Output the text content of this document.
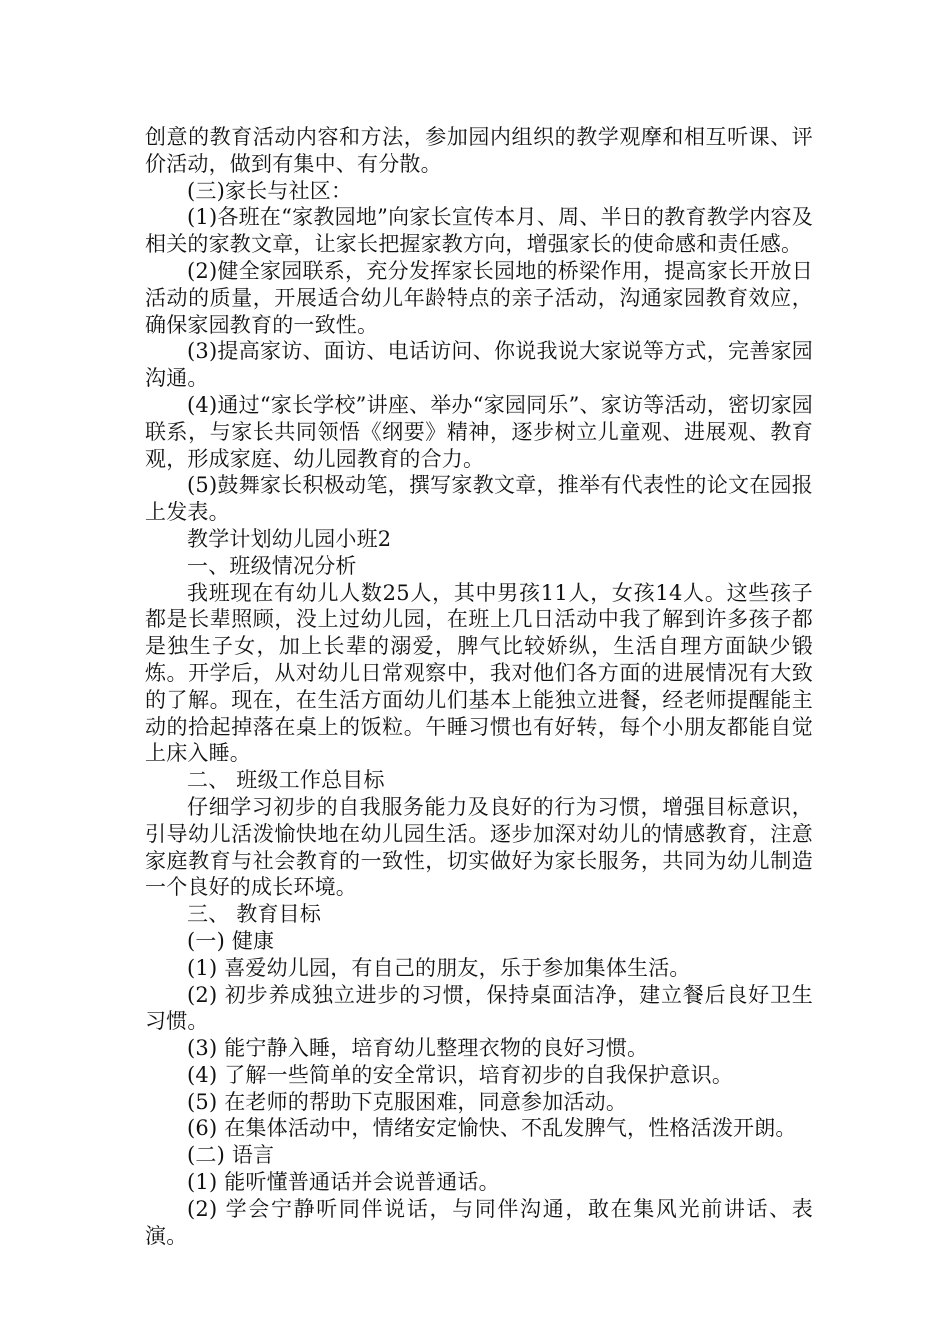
创意的教育活动内容和方法，参加园内组织的教学观摩和相互听课、评价活动，做到有集中、有分散。

(三)家长与社区：

(1)各班在“家教园地”向家长宣传本月、周、半日的教育教学内容及相关的家教文章，让家长把握家教方向，增强家长的使命感和责任感。

(2)健全家园联系，充分发挥家长园地的桥梁作用，提高家长开放日活动的质量，开展适合幼儿年龄特点的亲子活动，沟通家园教育效应，确保家园教育的一致性。

(3)提高家访、面访、电话访问、你说我说大家说等方式，完善家园沟通。

(4)通过“家长学校”讲座、举办“家园同乐”、家访等活动，密切家园联系，与家长共同领悟《纲要》精神，逐步树立儿童观、进展观、教育观，形成家庭、幼儿园教育的合力。

(5)鼓舞家长积极动笔，撰写家教文章，推举有代表性的论文在园报上发表。

教学计划幼儿园小班2

一、班级情况分析

我班现在有幼儿人数25人，其中男孩11人，女孩14人。这些孩子都是长辈照顾，没上过幼儿园，在班上几日活动中我了解到许多孩子都是独生子女，加上长辈的溺爱，脾气比较娇纵，生活自理方面缺少锻炼。开学后，从对幼儿日常观察中，我对他们各方面的进展情况有大致的了解。现在，在生活方面幼儿们基本上能独立进餐，经老师提醒能主动的拾起掉落在桌上的饭粒。午睡习惯也有好转，每个小朋友都能自觉上床入睡。

二、 班级工作总目标

仔细学习初步的自我服务能力及良好的行为习惯，增强目标意识，引导幼儿活泼愉快地在幼儿园生活。逐步加深对幼儿的情感教育，注意家庭教育与社会教育的一致性，切实做好为家长服务，共同为幼儿制造一个良好的成长环境。

三、 教育目标

(一) 健康

(1) 喜爱幼儿园，有自己的朋友，乐于参加集体生活。

(2) 初步养成独立进步的习惯，保持桌面洁净，建立餐后良好卫生习惯。

(3) 能宁静入睡，培育幼儿整理衣物的良好习惯。

(4) 了解一些简单的安全常识，培育初步的自我保护意识。

(5) 在老师的帮助下克服困难，同意参加活动。

(6) 在集体活动中，情绪安定愉快、不乱发脾气，性格活泼开朗。

(二) 语言

(1) 能听懂普通话并会说普通话。

(2) 学会宁静听同伴说话，与同伴沟通，敢在集风光前讲话、表演。
